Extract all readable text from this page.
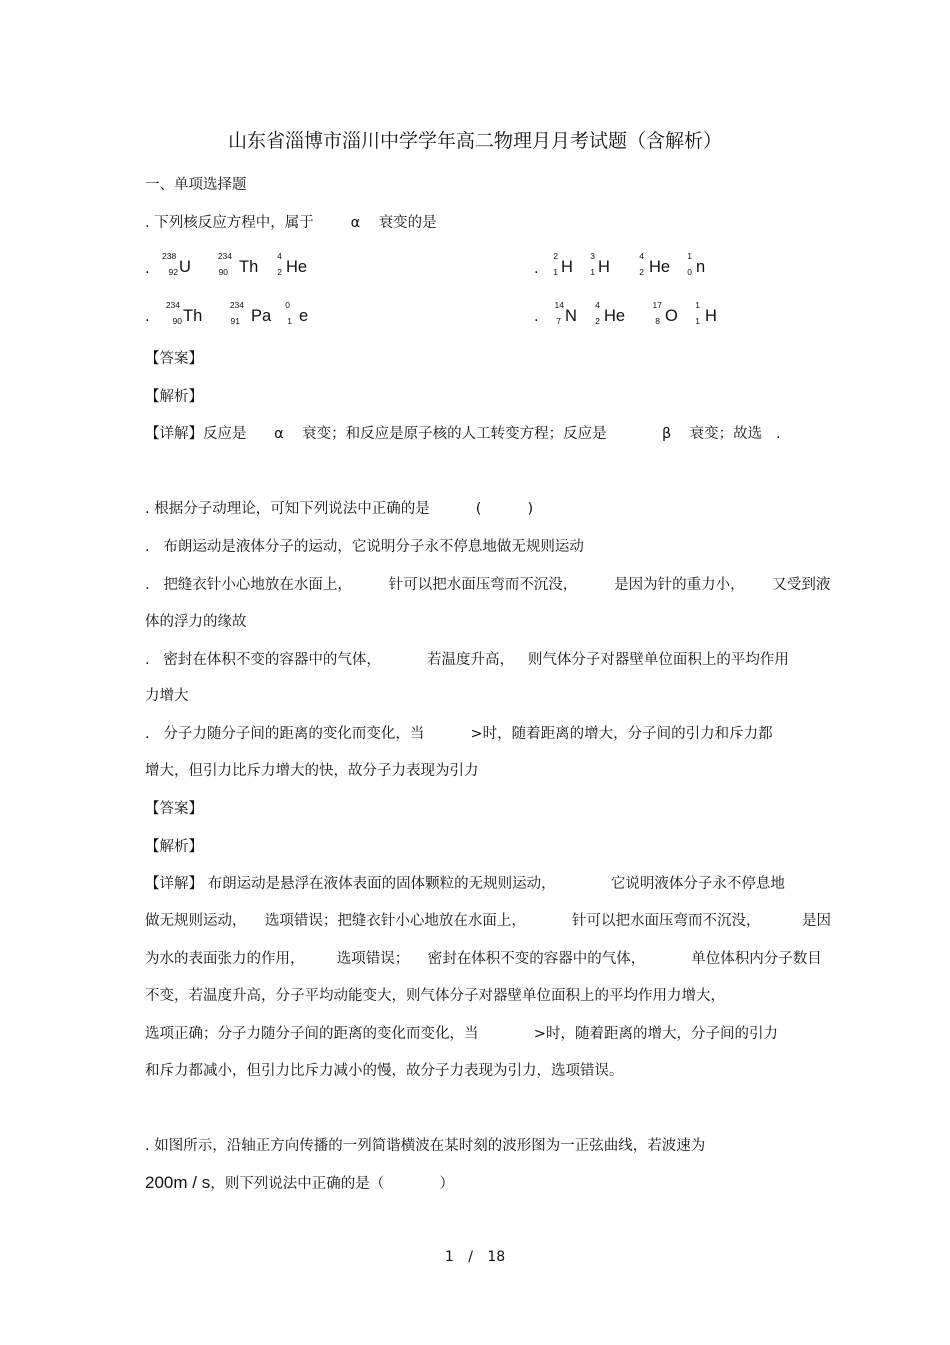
山东省淄博市淄川中学学年高二物理月月考试题（含解析）
一、单项选择题
. 下列核反应方程中，属于        α    衰变的是
.
238
92 U
234
90 Th
4
2 He	.
2
1 H
3
1 H
4
2 He
1
0 n
.
234
90 Th
234
91 Pa
0
1 e	.
14
7 N
4
2 He
17
8 O
1
1 H
【答案】
【解析】
【详解】反应是      α    衰变；和反应是原子核的人工转变方程；反应是            β    衰变；故选   .
. 根据分子动理论，可知下列说法中正确的是          (          )
.   布朗运动是液体分子的运动，它说明分子永不停息地做无规则运动
.   把缝衣针小心地放在水面上，        针可以把水面压弯而不沉没，        是因为针的重力小，      又受到液
体的浮力的缘故
.   密封在体积不变的容器中的气体，          若温度升高，   则气体分子对器壁单位面积上的平均作用
力增大
.   分子力随分子间的距离的变化而变化，当          >时，随着距离的增大，分子间的引力和斥力都
增大，但引力比斥力增大的快，故分子力表现为引力
【答案】
【解析】
【详解】 布朗运动是悬浮在液体表面的固体颗粒的无规则运动，            它说明液体分子永不停息地
做无规则运动，    选项错误；把缝衣针小心地放在水面上，          针可以把水面压弯而不沉没，         是因
为水的表面张力的作用，       选项错误；    密封在体积不变的容器中的气体，          单位体积内分子数目
不变，若温度升高，分子平均动能变大，则气体分子对器壁单位面积上的平均作用力增大，
选项正确；分子力随分子间的距离的变化而变化，当            >时，随着距离的增大，分子间的引力
和斥力都减小，但引力比斥力减小的慢，故分子力表现为引力，选项错误。
. 如图所示，沿轴正方向传播的一列简谐横波在某时刻的波形图为一正弦曲线，若波速为
200m / s，则下列说法中正确的是（            ）
1 / 18
